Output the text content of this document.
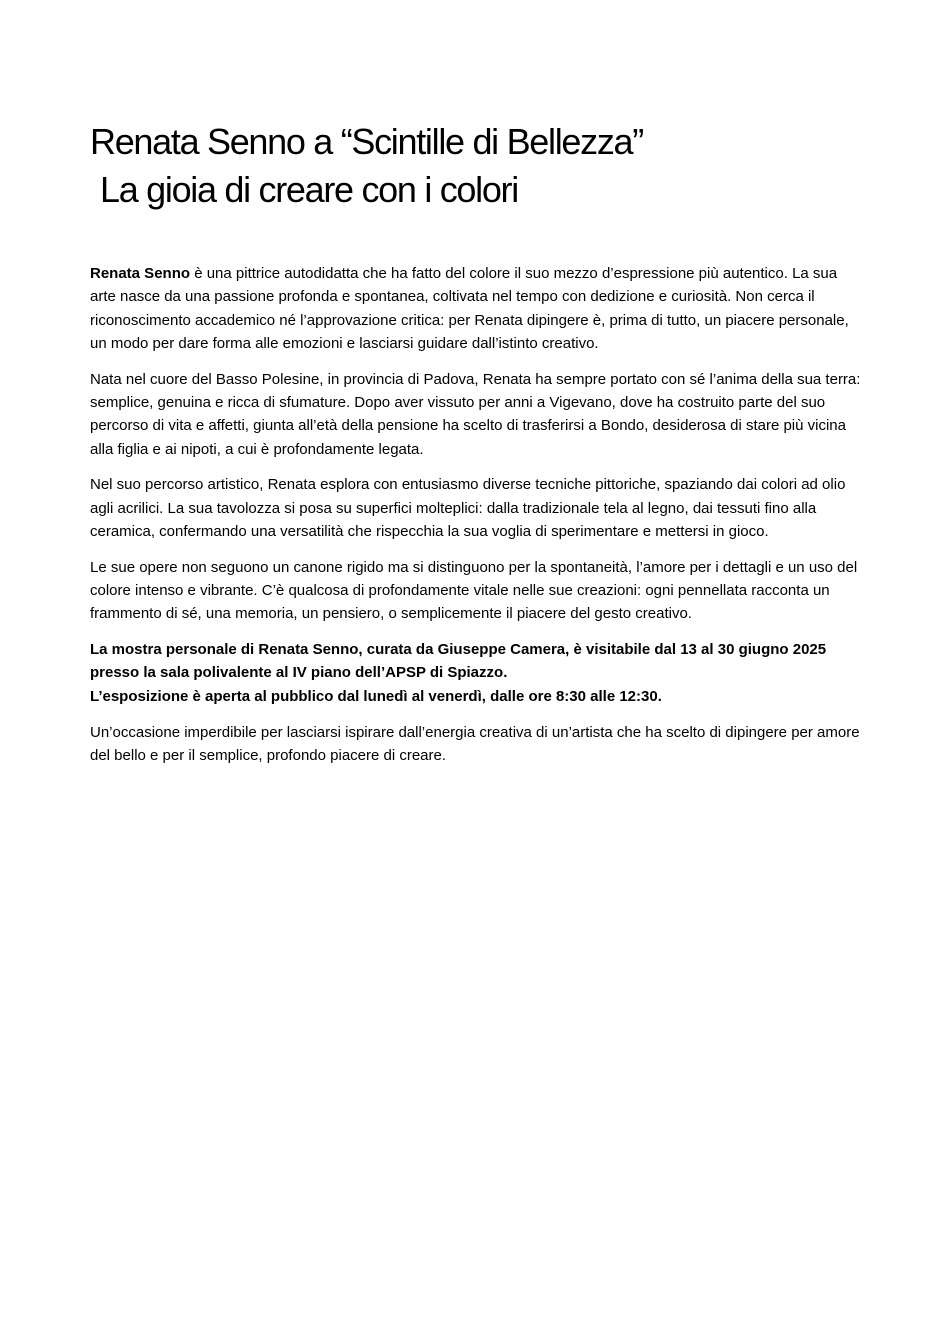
Renata Senno a “Scintille di Bellezza”
La gioia di creare con i colori

Renata Senno è una pittrice autodidatta che ha fatto del colore il suo mezzo d’espressione più autentico. La sua arte nasce da una passione profonda e spontanea, coltivata nel tempo con dedizione e curiosità. Non cerca il riconoscimento accademico né l’approvazione critica: per Renata dipingere è, prima di tutto, un piacere personale, un modo per dare forma alle emozioni e lasciarsi guidare dall’istinto creativo.

Nata nel cuore del Basso Polesine, in provincia di Padova, Renata ha sempre portato con sé l’anima della sua terra: semplice, genuina e ricca di sfumature. Dopo aver vissuto per anni a Vigevano, dove ha costruito parte del suo percorso di vita e affetti, giunta all’età della pensione ha scelto di trasferirsi a Bondo, desiderosa di stare più vicina alla figlia e ai nipoti, a cui è profondamente legata.

Nel suo percorso artistico, Renata esplora con entusiasmo diverse tecniche pittoriche, spaziando dai colori ad olio agli acrilici. La sua tavolozza si posa su superfici molteplici: dalla tradizionale tela al legno, dai tessuti fino alla ceramica, confermando una versatilità che rispecchia la sua voglia di sperimentare e mettersi in gioco.

Le sue opere non seguono un canone rigido ma si distinguono per la spontaneità, l’amore per i dettagli e un uso del colore intenso e vibrante. C’è qualcosa di profondamente vitale nelle sue creazioni: ogni pennellata racconta un frammento di sé, una memoria, un pensiero, o semplicemente il piacere del gesto creativo.

La mostra personale di Renata Senno, curata da Giuseppe Camera, è visitabile dal 13 al 30 giugno 2025 presso la sala polivalente al IV piano dell’APSP di Spiazzo.
L’esposizione è aperta al pubblico dal lunedì al venerdì, dalle ore 8:30 alle 12:30.

Un’occasione imperdibile per lasciarsi ispirare dall’energia creativa di un’artista che ha scelto di dipingere per amore del bello e per il semplice, profondo piacere di creare.
